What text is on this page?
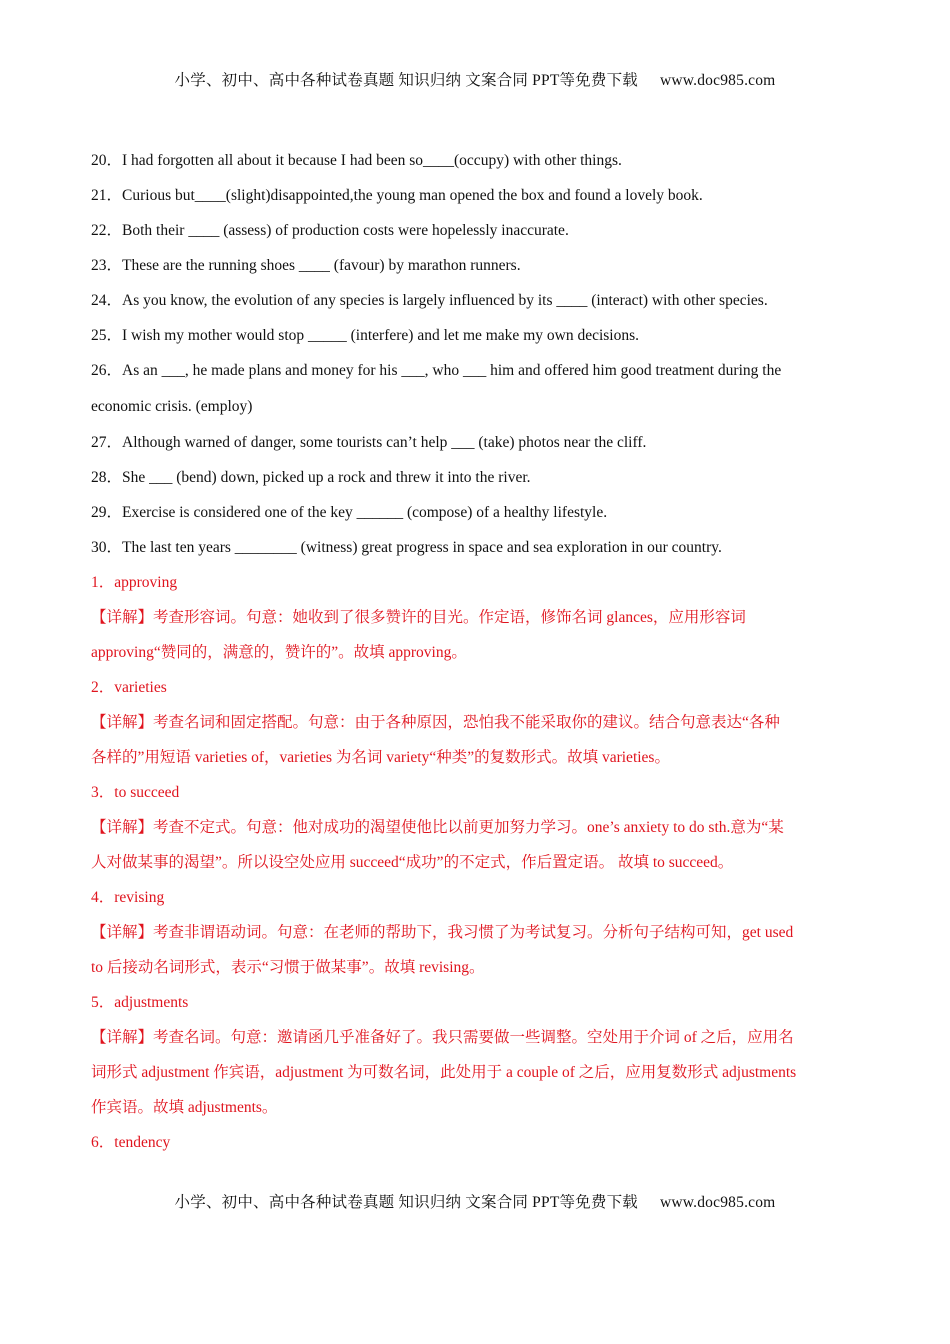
小学、初中、高中各种试卷真题 知识归纳 文案合同 PPT等免费下载 www.doc985.com
20．I had forgotten all about it because I had been so____(occupy) with other things.
21．Curious but____(slight)disappointed,the young man opened the box and found a lovely book.
22．Both their ____ (assess) of production costs were hopelessly inaccurate.
23．These are the running shoes ____ (favour) by marathon runners.
24．As you know, the evolution of any species is largely influenced by its ____ (interact) with other species.
25．I wish my mother would stop _____ (interfere) and let me make my own decisions.
26．As an ___, he made plans and money for his ___, who ___ him and offered him good treatment during the
economic crisis. (employ)
27．Although warned of danger, some tourists can’t help ___ (take) photos near the cliff.
28．She ___ (bend) down, picked up a rock and threw it into the river.
29．Exercise is considered one of the key ______ (compose) of a healthy lifestyle.
30．The last ten years ________ (witness) great progress in space and sea exploration in our country.
1．approving
【详解】考查形容词。句意：她收到了很多赞许的目光。作定语，修饰名词 glances，应用形容词
approving“赞同的，满意的，赞许的”。故填 approving。
2．varieties
【详解】考查名词和固定搭配。句意：由于各种原因，恐怕我不能采取你的建议。结合句意表达“各种
各样的”用短语 varieties of，varieties 为名词 variety“种类”的复数形式。故填 varieties。
3．to succeed
【详解】考查不定式。句意：他对成功的渴望使他比以前更加努力学习。one’s anxiety to do sth.意为“某
人对做某事的渴望”。所以设空处应用 succeed“成功”的不定式，作后置定语。 故填 to succeed。
4．revising
【详解】考查非谓语动词。句意：在老师的帮助下，我习惯了为考试复习。分析句子结构可知，get used
to 后接动名词形式，表示“习惯于做某事”。故填 revising。
5．adjustments
【详解】考查名词。句意：邀请函几乎准备好了。我只需要做一些调整。空处用于介词 of 之后，应用名
词形式 adjustment 作宾语，adjustment 为可数名词，此处用于 a couple of 之后，应用复数形式 adjustments
作宾语。故填 adjustments。
6．tendency
小学、初中、高中各种试卷真题 知识归纳 文案合同 PPT等免费下载 www.doc985.com
